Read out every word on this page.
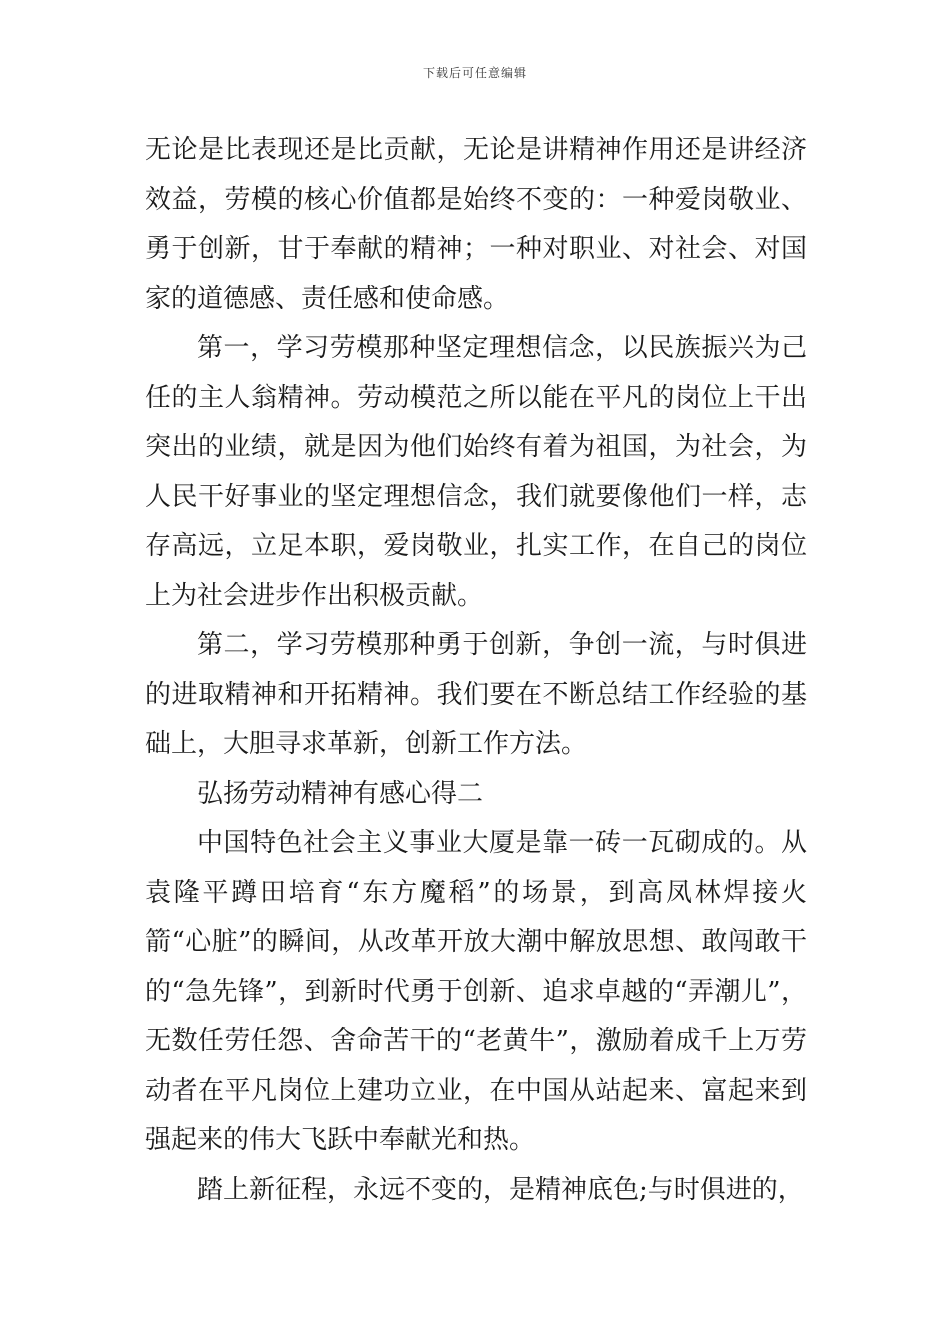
下载后可任意编辑

无论是比表现还是比贡献，无论是讲精神作用还是讲经济效益，劳模的核心价值都是始终不变的：一种爱岗敬业、勇于创新，甘于奉献的精神；一种对职业、对社会、对国家的道德感、责任感和使命感。

第一，学习劳模那种坚定理想信念，以民族振兴为己任的主人翁精神。劳动模范之所以能在平凡的岗位上干出突出的业绩，就是因为他们始终有着为祖国，为社会，为人民干好事业的坚定理想信念，我们就要像他们一样，志存高远，立足本职，爱岗敬业，扎实工作，在自己的岗位上为社会进步作出积极贡献。

第二，学习劳模那种勇于创新，争创一流，与时俱进的进取精神和开拓精神。我们要在不断总结工作经验的基础上，大胆寻求革新，创新工作方法。

弘扬劳动精神有感心得二

中国特色社会主义事业大厦是靠一砖一瓦砌成的。从袁隆平蹲田培育“东方魔稻”的场景，到高凤林焊接火箭“心脏”的瞬间，从改革开放大潮中解放思想、敢闯敢干的“急先锋”，到新时代勇于创新、追求卓越的“弄潮儿”，无数任劳任怨、舍命苦干的“老黄牛”，激励着成千上万劳动者在平凡岗位上建功立业，在中国从站起来、富起来到强起来的伟大飞跃中奉献光和热。

踏上新征程，永远不变的，是精神底色;与时俱进的，
